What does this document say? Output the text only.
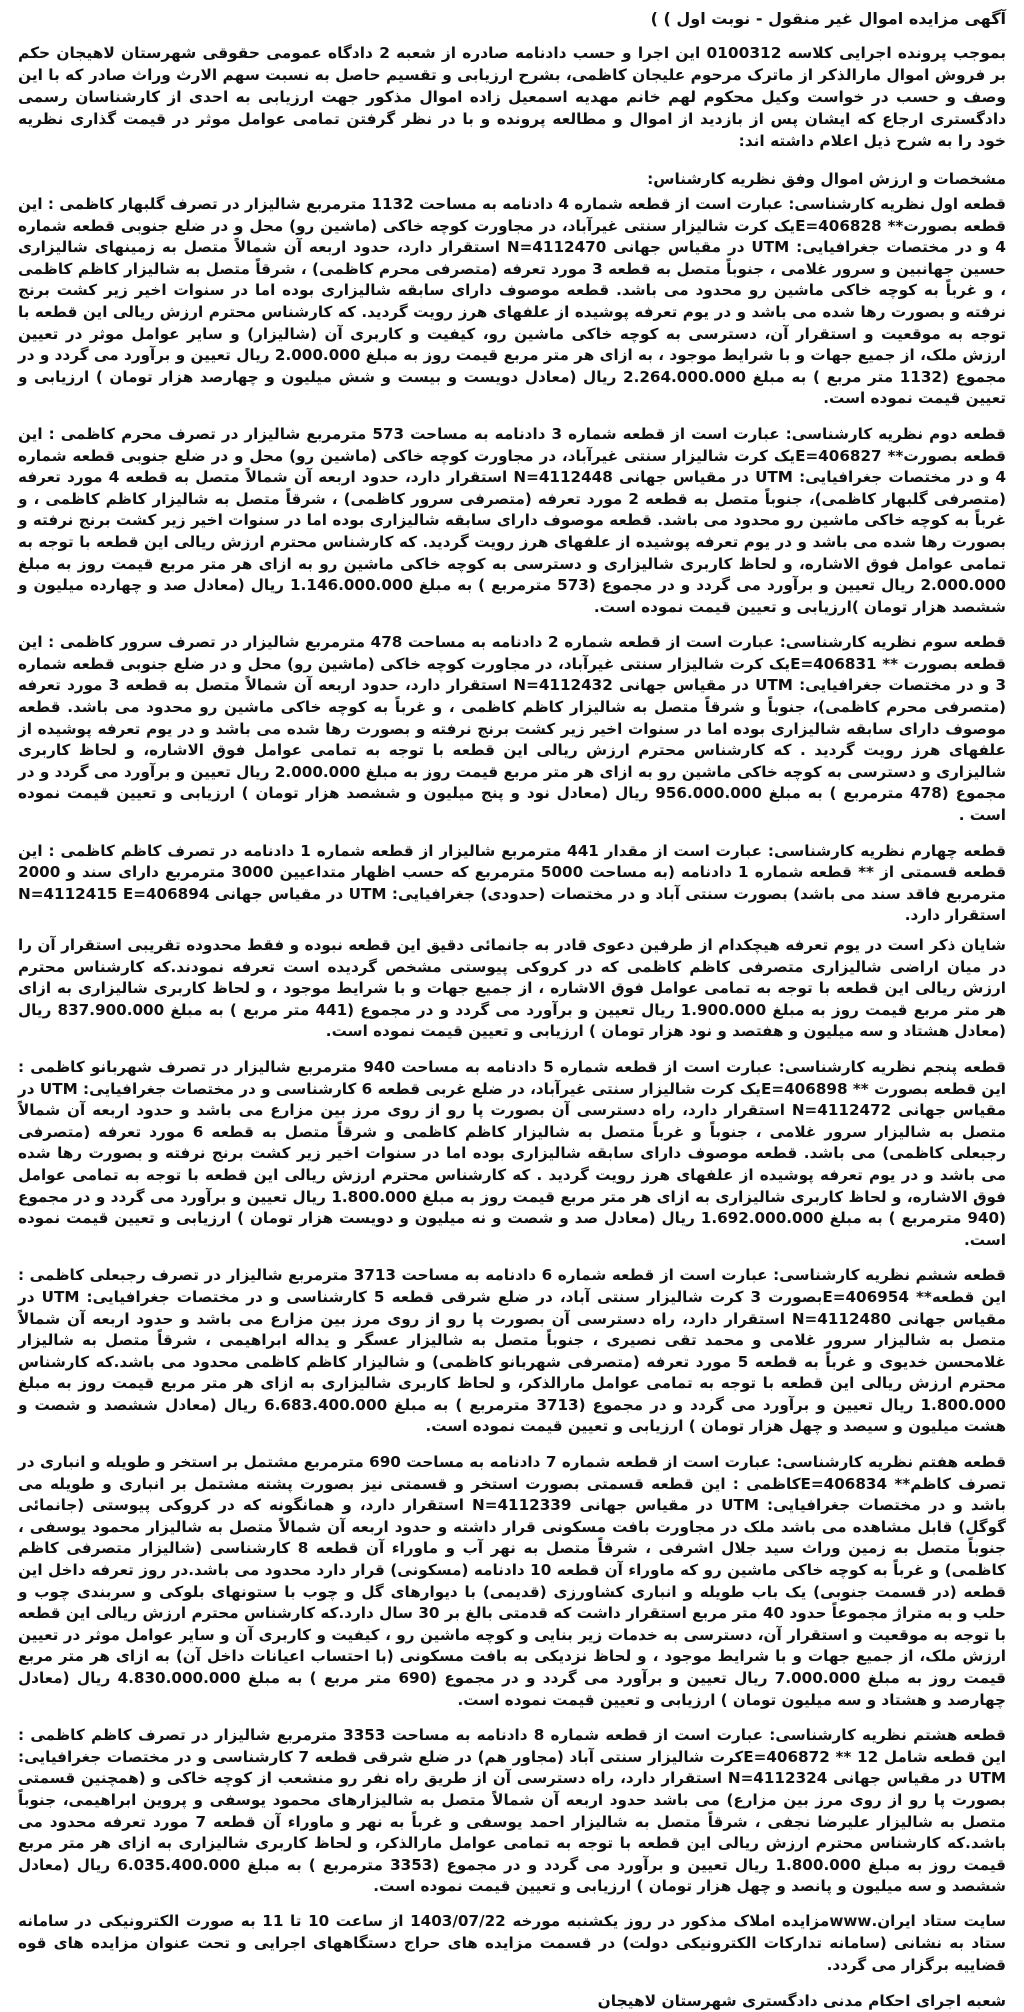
آگهی مزایده اموال غیر منقول - نوبت اول ) )
بموجب پرونده اجرایی کلاسه 0100312 این اجرا و حسب دادنامه صادره از شعبه 2 دادگاه عمومی حقوقی شهرستان لاهیجان حکم بر فروش اموال مارالذکر از ماترک مرحوم علیجان کاظمی، بشرح ارزیابی و تقسیم حاصل به نسبت سهم الارث وراث صادر که با این وصف و حسب در خواست وکیل محکوم لهم خانم مهدیه اسمعیل زاده اموال مذکور جهت ارزیابی به احدی از کارشناسان رسمی دادگستری ارجاع که ایشان پس از بازدید از اموال و مطالعه پرونده و با در نظر گرفتن تمامی عوامل موثر در قیمت گذاری نظریه خود را به شرح ذیل اعلام داشته اند:
مشخصات و ارزش اموال وفق نظریه کارشناس:

قطعه اول نظریه کارشناسی: عبارت است از قطعه شماره 4 دادنامه به مساحت 1132 مترمربع شالیزار در تصرف گلبهار کاظمی : این قطعه بصورت** E=406828یک کرت شالیزار سنتی غیرآباد، در مجاورت کوچه خاکی (ماشین رو) محل و در ضلع جنوبی قطعه شماره 4 و در مختصات جغرافیایی: UTM در مقیاس جهانی N=4112470 استقرار دارد، حدود اربعه آن شمالاً متصل به زمینهای شالیزاری حسین جهانبین و سرور غلامی ، جنوباً متصل به قطعه 3 مورد تعرفه (متصرفی محرم کاظمی) ، شرقاً متصل به شالیزار کاظم کاظمی ، و غرباً به کوچه خاکی ماشین رو محدود می باشد. قطعه موصوف دارای سابقه شالیزاری بوده اما در سنوات اخیر زیر کشت برنج نرفته و بصورت رها شده می باشد و در یوم تعرفه پوشیده از علفهای هرز رویت گردید. که کارشناس محترم ارزش ریالی این قطعه با توجه به موقعیت و استقرار آن، دسترسی به کوچه خاکی ماشین رو، کیفیت و کاربری آن (شالیزار) و سایر عوامل موثر در تعیین ارزش ملک، از جمیع جهات و با شرایط موجود ، به ازای هر متر مربع قیمت روز به مبلغ 2.000.000 ریال تعیین و برآورد می گردد و در مجموع (1132 متر مربع ) به مبلغ 2.264.000.000 ریال (معادل دویست و بیست و شش میلیون و چهارصد هزار تومان ) ارزیابی و تعیین قیمت نموده است.

قطعه دوم نظریه کارشناسی: عبارت است از قطعه شماره 3 دادنامه به مساحت 573 مترمربع شالیزار در تصرف محرم کاظمی : این قطعه بصورت** E=406827یک کرت شالیزار سنتی غیرآباد، در مجاورت کوچه خاکی (ماشین رو) محل و در ضلع جنوبی قطعه شماره 4 و در مختصات جغرافیایی: UTM در مقیاس جهانی N=4112448 استقرار دارد، حدود اربعه آن شمالاً متصل به قطعه 4 مورد تعرفه (متصرفی گلبهار کاظمی)، جنوباً متصل به قطعه 2 مورد تعرفه (متصرفی سرور کاظمی) ، شرقاً متصل به شالیزار کاظم کاظمی ، و غرباً به کوچه خاکی ماشین رو محدود می باشد. قطعه موصوف دارای سابقه شالیزاری بوده اما در سنوات اخیر زیر کشت برنج نرفته و بصورت رها شده می باشد و در یوم تعرفه پوشیده از علفهای هرز رویت گردید. که کارشناس محترم ارزش ریالی این قطعه با توجه به تمامی عوامل فوق الاشاره، و لحاظ کاربری شالیزاری و دسترسی به کوچه خاکی ماشین رو به ازای هر متر مربع قیمت روز به مبلغ 2.000.000 ریال تعیین و برآورد می گردد و در مجموع (573 مترمربع ) به مبلغ 1.146.000.000 ریال (معادل صد و چهارده میلیون و ششصد هزار تومان )ارزیابی و تعیین قیمت نموده است.

قطعه سوم نظریه کارشناسی: عبارت است از قطعه شماره 2 دادنامه به مساحت 478 مترمربع شالیزار در تصرف سرور کاظمی : این قطعه بصورت ** E=406831یک کرت شالیزار سنتی غیرآباد، در مجاورت کوچه خاکی (ماشین رو) محل و در ضلع جنوبی قطعه شماره 3 و در مختصات جغرافیایی: UTM در مقیاس جهانی N=4112432 استقرار دارد، حدود اربعه آن شمالاً متصل به قطعه 3 مورد تعرفه (متصرفی محرم کاظمی)، جنوباً و شرقاً متصل به شالیزار کاظم کاظمی ، و غرباً به کوچه خاکی ماشین رو محدود می باشد. قطعه موصوف دارای سابقه شالیزاری بوده اما در سنوات اخیر زیر کشت برنج نرفته و بصورت رها شده می باشد و در یوم تعرفه پوشیده از علفهای هرز رویت گردید . که کارشناس محترم ارزش ریالی این قطعه با توجه به تمامی عوامل فوق الاشاره، و لحاظ کاربری شالیزاری و دسترسی به کوچه خاکی ماشین رو به ازای هر متر مربع قیمت روز به مبلغ 2.000.000 ریال تعیین و برآورد می گردد و در مجموع (478 مترمربع ) به مبلغ 956.000.000 ریال (معادل نود و پنج میلیون و ششصد هزار تومان ) ارزیابی و تعیین قیمت نموده است .

قطعه چهارم نظریه کارشناسی: عبارت است از مقدار 441 مترمربع شالیزار از قطعه شماره 1 دادنامه در تصرف کاظم کاظمی : این قطعه قسمتی از ** قطعه شماره 1 دادنامه (به مساحت 5000 مترمربع که حسب اظهار متداعیین 3000 مترمربع دارای سند و 2000 مترمربع فاقد سند می باشد) بصورت سنتی آباد و در مختصات (حدودی) جغرافیایی: UTM در مقیاس جهانی N=4112415 E=406894 استقرار دارد.

شایان ذکر است در یوم تعرفه هیچکدام از طرفین دعوی قادر به جانمائی دقیق این قطعه نبوده و فقط محدوده تقریبی استقرار آن را در میان اراضی شالیزاری متصرفی کاظم کاظمی که در کروکی پیوستی مشخص گردیده است تعرفه نمودند.که کارشناس محترم ارزش ریالی این قطعه با توجه به تمامی عوامل فوق الاشاره ، از جمیع جهات و با شرایط موجود ، و لحاظ کاربری شالیزاری به ازای هر متر مربع قیمت روز به مبلغ 1.900.000 ریال تعیین و برآورد می گردد و در مجموع (441 متر مربع ) به مبلغ 837.900.000 ریال (معادل هشتاد و سه میلیون و هفتصد و نود هزار تومان ) ارزیابی و تعیین قیمت نموده است.

قطعه پنجم نظریه کارشناسی: عبارت است از قطعه شماره 5 دادنامه به مساحت 940 مترمربع شالیزار در تصرف شهربانو کاظمی : این قطعه بصورت ** E=406898یک کرت شالیزار سنتی غیرآباد، در ضلع غربی قطعه 6 کارشناسی و در مختصات جغرافیایی: UTM در مقیاس جهانی N=4112472 استقرار دارد، راه دسترسی آن بصورت پا رو از روی مرز بین مزارع می باشد و حدود اربعه آن شمالاً متصل به شالیزار سرور غلامی ، جنوباً و غرباً متصل به شالیزار کاظم کاظمی و شرقاً متصل به قطعه 6 مورد تعرفه (متصرفی رجبعلی کاظمی) می باشد. قطعه موصوف دارای سابقه شالیزاری بوده اما در سنوات اخیر زیر کشت برنج نرفته و بصورت رها شده می باشد و در یوم تعرفه پوشیده از علفهای هرز رویت گردید . که کارشناس محترم ارزش ریالی این قطعه با توجه به تمامی عوامل فوق الاشاره، و لحاظ کاربری شالیزاری به ازای هر متر مربع قیمت روز به مبلغ 1.800.000 ریال تعیین و برآورد می گردد و در مجموع (940 مترمربع ) به مبلغ 1.692.000.000 ریال (معادل صد و شصت و نه میلیون و دویست هزار تومان ) ارزیابی و تعیین قیمت نموده است.

قطعه ششم نظریه کارشناسی: عبارت است از قطعه شماره 6 دادنامه به مساحت 3713 مترمربع شالیزار در تصرف رجبعلی کاظمی : این قطعه** E=406954بصورت 3 کرت شالیزار سنتی آباد، در ضلع شرقی قطعه 5 کارشناسی و در مختصات جغرافیایی: UTM در مقیاس جهانی N=4112480 استقرار دارد، راه دسترسی آن بصورت پا رو از روی مرز بین مزارع می باشد و حدود اربعه آن شمالاً متصل به شالیزار سرور غلامی و محمد تقی نصیری ، جنوباً متصل به شالیزار عسگر و یداله ابراهیمی ، شرقاً متصل به شالیزار غلامحسن خدیوی و غرباً به قطعه 5 مورد تعرفه (متصرفی شهربانو کاظمی) و شالیزار کاظم کاظمی محدود می باشد.که کارشناس محترم ارزش ریالی این قطعه با توجه به تمامی عوامل مارالذکر، و لحاظ کاربری شالیزاری به ازای هر متر مربع قیمت روز به مبلغ 1.800.000 ریال تعیین و برآورد می گردد و در مجموع (3713 مترمربع ) به مبلغ 6.683.400.000 ریال (معادل ششصد و شصت و هشت میلیون و سیصد و چهل هزار تومان ) ارزیابی و تعیین قیمت نموده است.

قطعه هفتم نظریه کارشناسی: عبارت است از قطعه شماره 7 دادنامه به مساحت 690 مترمربع مشتمل بر استخر و طویله و انباری در تصرف کاظم** E=406834کاظمی : این قطعه قسمتی بصورت استخر و قسمتی نیز بصورت پشته مشتمل بر انباری و طویله می باشد و در مختصات جغرافیایی: UTM در مقیاس جهانی N=4112339 استقرار دارد، و همانگونه که در کروکی پیوستی (جانمائی گوگل) قابل مشاهده می باشد ملک در مجاورت بافت مسکونی قرار داشته و حدود اربعه آن شمالاً متصل به شالیزار محمود یوسفی ، جنوباً متصل به زمین وراث سید جلال اشرفی ، شرقاً متصل به نهر آب و ماوراء آن قطعه 8 کارشناسی (شالیزار متصرفی کاظم کاظمی) و غرباً به کوچه خاکی ماشین رو که ماوراء آن قطعه 10 دادنامه (مسکونی) قرار دارد محدود می باشد.در روز تعرفه داخل این قطعه (در قسمت جنوبی) یک باب طویله و انباری کشاورزی (قدیمی) با دیوارهای گل و چوب با ستونهای بلوکی و سربندی چوب و حلب و به متراژ مجموعاً حدود 40 متر مربع استقرار داشت که قدمتی بالغ بر 30 سال دارد.که کارشناس محترم ارزش ریالی این قطعه با توجه به موقعیت و استقرار آن، دسترسی به خدمات زیر بنایی و کوچه ماشین رو ، کیفیت و کاربری آن و سایر عوامل موثر در تعیین ارزش ملک، از جمیع جهات و با شرایط موجود ، و لحاظ نزدیکی به بافت مسکونی (با احتساب اعیانات داخل آن) به ازای هر متر مربع قیمت روز به مبلغ 7.000.000 ریال تعیین و برآورد می گردد و در مجموع (690 متر مربع ) به مبلغ 4.830.000.000 ریال (معادل چهارصد و هشتاد و سه میلیون تومان ) ارزیابی و تعیین قیمت نموده است.

قطعه هشتم نظریه کارشناسی: عبارت است از قطعه شماره 8 دادنامه به مساحت 3353 مترمربع شالیزار در تصرف کاظم کاظمی : این قطعه شامل 12 ** E=406872کرت شالیزار سنتی آباد (مجاور هم) در ضلع شرقی قطعه 7 کارشناسی و در مختصات جغرافیایی: UTM در مقیاس جهانی N=4112324 استقرار دارد، راه دسترسی آن از طریق راه نفر رو منشعب از کوچه خاکی و (همچنین قسمتی بصورت پا رو از روی مرز بین مزارع) می باشد حدود اربعه آن شمالاً متصل به شالیزارهای محمود یوسفی و پروین ابراهیمی، جنوباً متصل به شالیزار علیرضا نجفی ، شرقاً متصل به شالیزار احمد یوسفی و غرباً به نهر و ماوراء آن قطعه 7 مورد تعرفه محدود می باشد.که کارشناس محترم ارزش ریالی این قطعه با توجه به تمامی عوامل مارالذکر، و لحاظ کاربری شالیزاری به ازای هر متر مربع قیمت روز به مبلغ 1.800.000 ریال تعیین و برآورد می گردد و در مجموع (3353 مترمربع ) به مبلغ 6.035.400.000 ریال (معادل ششصد و سه میلیون و پانصد و چهل هزار تومان ) ارزیابی و تعیین قیمت نموده است.

سایت ستاد ایران.wwwمزایده املاک مذکور در روز یکشنبه مورخه 1403/07/22 از ساعت 10 تا 11 به صورت الکترونیکی در سامانه ستاد به نشانی (سامانه تدارکات الکترونیکی دولت) در قسمت مزایده های حراج دستگاههای اجرایی و تحت عنوان مزایده های قوه قضاییه برگزار می گردد.
شعبه اجرای احکام مدنی دادگستری شهرستان لاهیجان
